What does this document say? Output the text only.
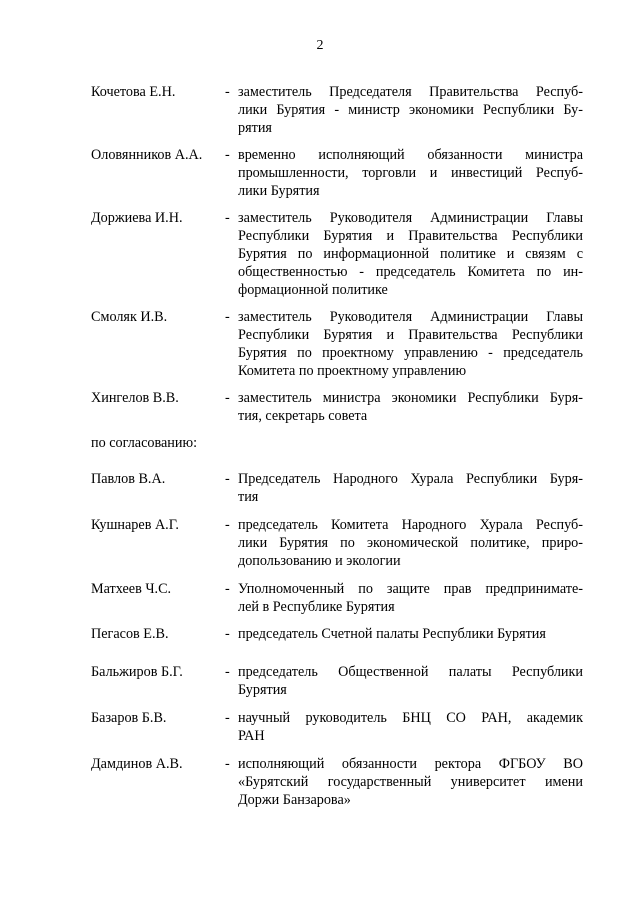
2
Кочетова Е.Н.	- заместитель Председателя Правительства Респуб-
лики Бурятия - министр экономики Республики Бу-
рятия
Оловянников А.А. - временно исполняющий обязанности министра
промышленности, торговли и инвестиций Респуб-
лики Бурятия
Доржиева И.Н.	- заместитель Руководителя Администрации Главы
Республики Бурятия и Правительства Республики
Бурятия по информационной политике и связям с
общественностью - председатель Комитета по ин-
формационной политике
Смоляк И.В.	- заместитель Руководителя Администрации Главы
Республики Бурятия и Правительства Республики
Бурятия по проектному управлению - председатель
Комитета по проектному управлению
Хингелов В.В.	- заместитель министра экономики Республики Буря-
тия, секретарь совета
по согласованию:
Павлов В.А.	- Председатель Народного Хурала Республики Буря-
тия
Кушнарев А.Г.	- председатель Комитета Народного Хурала Респуб-
лики Бурятия по экономической политике, приро-
допользованию и экологии
Матхеев Ч.С.	- Уполномоченный по защите прав предпринимате-
лей в Республике Бурятия
Пегасов Е.В.	- председатель Счетной палаты Республики Бурятия
Бальжиров Б.Г.	- председатель Общественной палаты Республики
Бурятия
Базаров Б.В.	- научный руководитель БНЦ СО РАН, академик
РАН
Дамдинов А.В.	- исполняющий обязанности ректора ФГБОУ ВО
«Бурятский государственный университет имени
Доржи Банзарова»
